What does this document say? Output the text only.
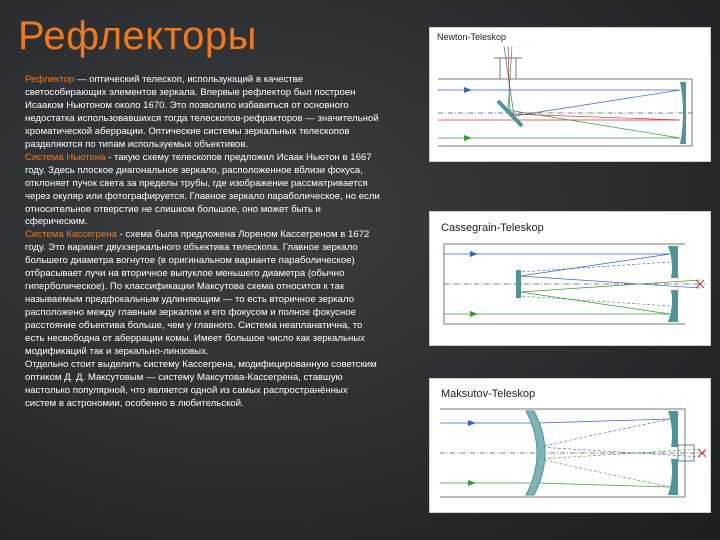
Рефлекторы

Рефлектор — оптический телескоп, использующий в качестве светособирающих элементов зеркала. Впервые рефлектор был построен Исааком Ньютоном около 1670. Это позволило избавиться от основного недостатка использовавшихся тогда телескопов-рефракторов — значительной хроматической аберрации. Оптические системы зеркальных телескопов разделяются по типам используемых объективов.

Система Ньютона - такую схему телескопов предложил Исаак Ньютон в 1667 году. Здесь плоское диагональное зеркало, расположенное вблизи фокуса, отклоняет пучок света за пределы трубы, где изображение рассматривается через окуляр или фотографируется. Главное зеркало параболическое, но если относительное отверстие не слишком большое, оно может быть и сферическим.

Система Кассегрена - схема была предложена Лореном Кассегреном в 1672 году. Это вариант двухзеркального объектива телескопа. Главное зеркало большего диаметра вогнутое (в оригинальном варианте параболическое) отбрасывает лучи на вторичное выпуклое меньшего диаметра (обычно гиперболическое). По классификации Максутова схема относится к так называемым предфокальным удлиняющим — то есть вторичное зеркало расположено между главным зеркалом и его фокусом и полное фокусное расстояние объектива больше, чем у главного. Система неапланатична, то есть несвободна от аберрации комы. Имеет большое число как зеркальных модификаций так и зеркально-линзовых.

Отдельно стоит выделить систему Кассегрена, модифицированную советским оптиком Д. Д. Максутовым — систему Максутова-Кассегрена, ставшую настолько популярной, что является одной из самых распространённых систем в астрономии, особенно в любительской.

Newton-Teleskop
Cassegrain-Teleskop
Maksutov-Teleskop
